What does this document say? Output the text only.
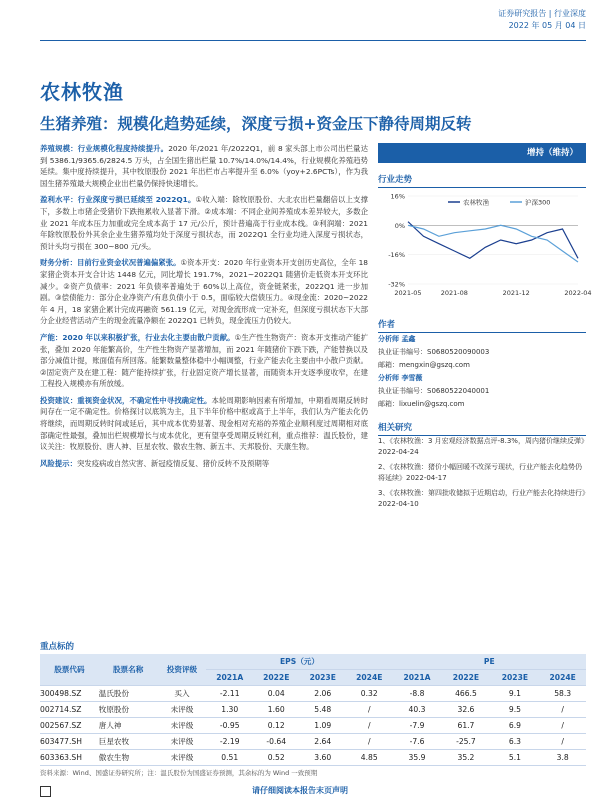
证券研究报告 | 行业深度
2022 年 05 月 04 日
农林牧渔
生猪养殖：规模化趋势延续，深度亏损+资金压下静待周期反转

养殖规模：行业规模化程度持续提升。2020 年/2021 年/2022Q1，前 8 家头部上市公司出栏量达到 5386.1/9365.6/2824.5 万头，占全国生猪出栏量 10.7%/14.0%/14.4%，行业规模化养殖趋势延续。集中度持续提升，其中牧原股份 2021 年出栏市占率提升至 6.0%（yoy+2.6PCTs），作为我国生猪养殖最大规模企业出栏量仍保持快速增长。

盈利水平：行业深度亏损已延续至 2022Q1。①收入端：除牧原股份、大北农出栏量翻倍以上支撑下，多数上市猪企受猪价下跌拖累收入显著下滑。②成本端：不同企业间养殖成本差异较大，多数企业 2021 年成本压力加重或完全成本高于 17 元/公斤，预计普遍高于行业成本线。③利润端：2021 年除牧原股份外其余企业生猪养殖均处于深度亏损状态，而 2022Q1 全行业均进入深度亏损状态，预计头均亏损在 300~800 元/头。

财务分析：目前行业资金状况普遍偏紧张。①资本开支：2020 年行业资本开支创历史高位，全年 18 家猪企资本开支合计达 1448 亿元，同比增长 191.7%，2021~2022Q1 随猪价走低资本开支环比减少。②资产负债率：2021 年负债率普遍处于 60%以上高位，资金链紧张，2022Q1 进一步加剧。③偿债能力：部分企业净资产/有息负债小于 0.5，面临较大偿债压力。④现金流：2020~2022 年 4 月，18 家猪企累计完成再融资 561.19 亿元，对现金流形成一定补充，但深度亏损状态下大部分企业经营活动产生的现金流量净额在 2022Q1 已转负，现金流压力仍较大。

产能：2020 年以来积极扩张，行业去化主要由散户贡献。①生产性生物资产：资本开支推动产能扩张，叠加 2020 年能繁高价，生产性生物资产显著增加，而 2021 年随猪价下跌下跌，产能替换以及部分减值计提，账面值有所回落。能繁数量整体稳中小幅调整，行业产能去化主要由中小散户贡献。②固定资产及在建工程：随产能持续扩张，行业固定资产增长显著，而随资本开支逐季度收窄，在建工程投入规模亦有所放缓。

投资建议：重视资金状况，不确定性中寻找确定性。本轮周期影响因素有所增加，中期看周期反转时间存在一定不确定性。价格探讨以底筑为主，且下半年价格中枢或高于上半年，我们认为产能去化仍将继续，而周期反转时间或延后，其中成本优势显著、现金相对充裕的养殖企业顺利度过周期相对底部确定性最强，叠加出栏规模增长与成本优化，更有望享受周期反转红利，重点推荐：温氏股份，建议关注：牧原股份、唐人神、巨星农牧、傲农生物、新五丰、天邦股份、天康生物。

风险提示：突发疫病或自然灾害、新冠疫情反复、猪价反转不及预期等

增持（维持）
行业走势
16%
0%
-16%
-32%
2021-05	2021-08	2021-12	2022-04
农林牧渔	沪深300
作者
分析师 孟鑫
执业证书编号：S0680520090003
邮箱：mengxin@gszq.com
分析师 李雪薇
执业证书编号：S0680522040001
邮箱：lixuelin@gszq.com
相关研究
1、《农林牧渔：3 月宏观经济数据点评-8.3%，周内猪价继续反弹》2022-04-24
2、《农林牧渔：猪价小幅回暖不改深亏现状，行业产能去化趋势仍将延续》2022-04-17
3、《农林牧渔：第四批收储拟于近期启动，行业产能去化持续进行》2022-04-10
重点标的
股票代码	股票名称	投资评级	EPS（元）				PE			
			2021A	2022E	2023E	2024E	2021A	2022E	2023E	2024E
300498.SZ	温氏股份	买入	-2.11	0.04	2.06	0.32	-8.8	466.5	9.1	58.3
002714.SZ	牧原股份	未评级	1.30	1.60	5.48	/	40.3	32.6	9.5	/
002567.SZ	唐人神	未评级	-0.95	0.12	1.09	/	-7.9	61.7	6.9	/
603477.SH	巨星农牧	未评级	-2.19	-0.64	2.64	/	-7.6	-25.7	6.3	/
603363.SH	傲农生物	未评级	0.51	0.52	3.60	4.85	35.9	35.2	5.1	3.8
资料来源：Wind、国盛证券研究所；注：温氏股份为国盛证券预测，其余标的为 Wind 一致预期
请仔细阅读本报告末页声明
